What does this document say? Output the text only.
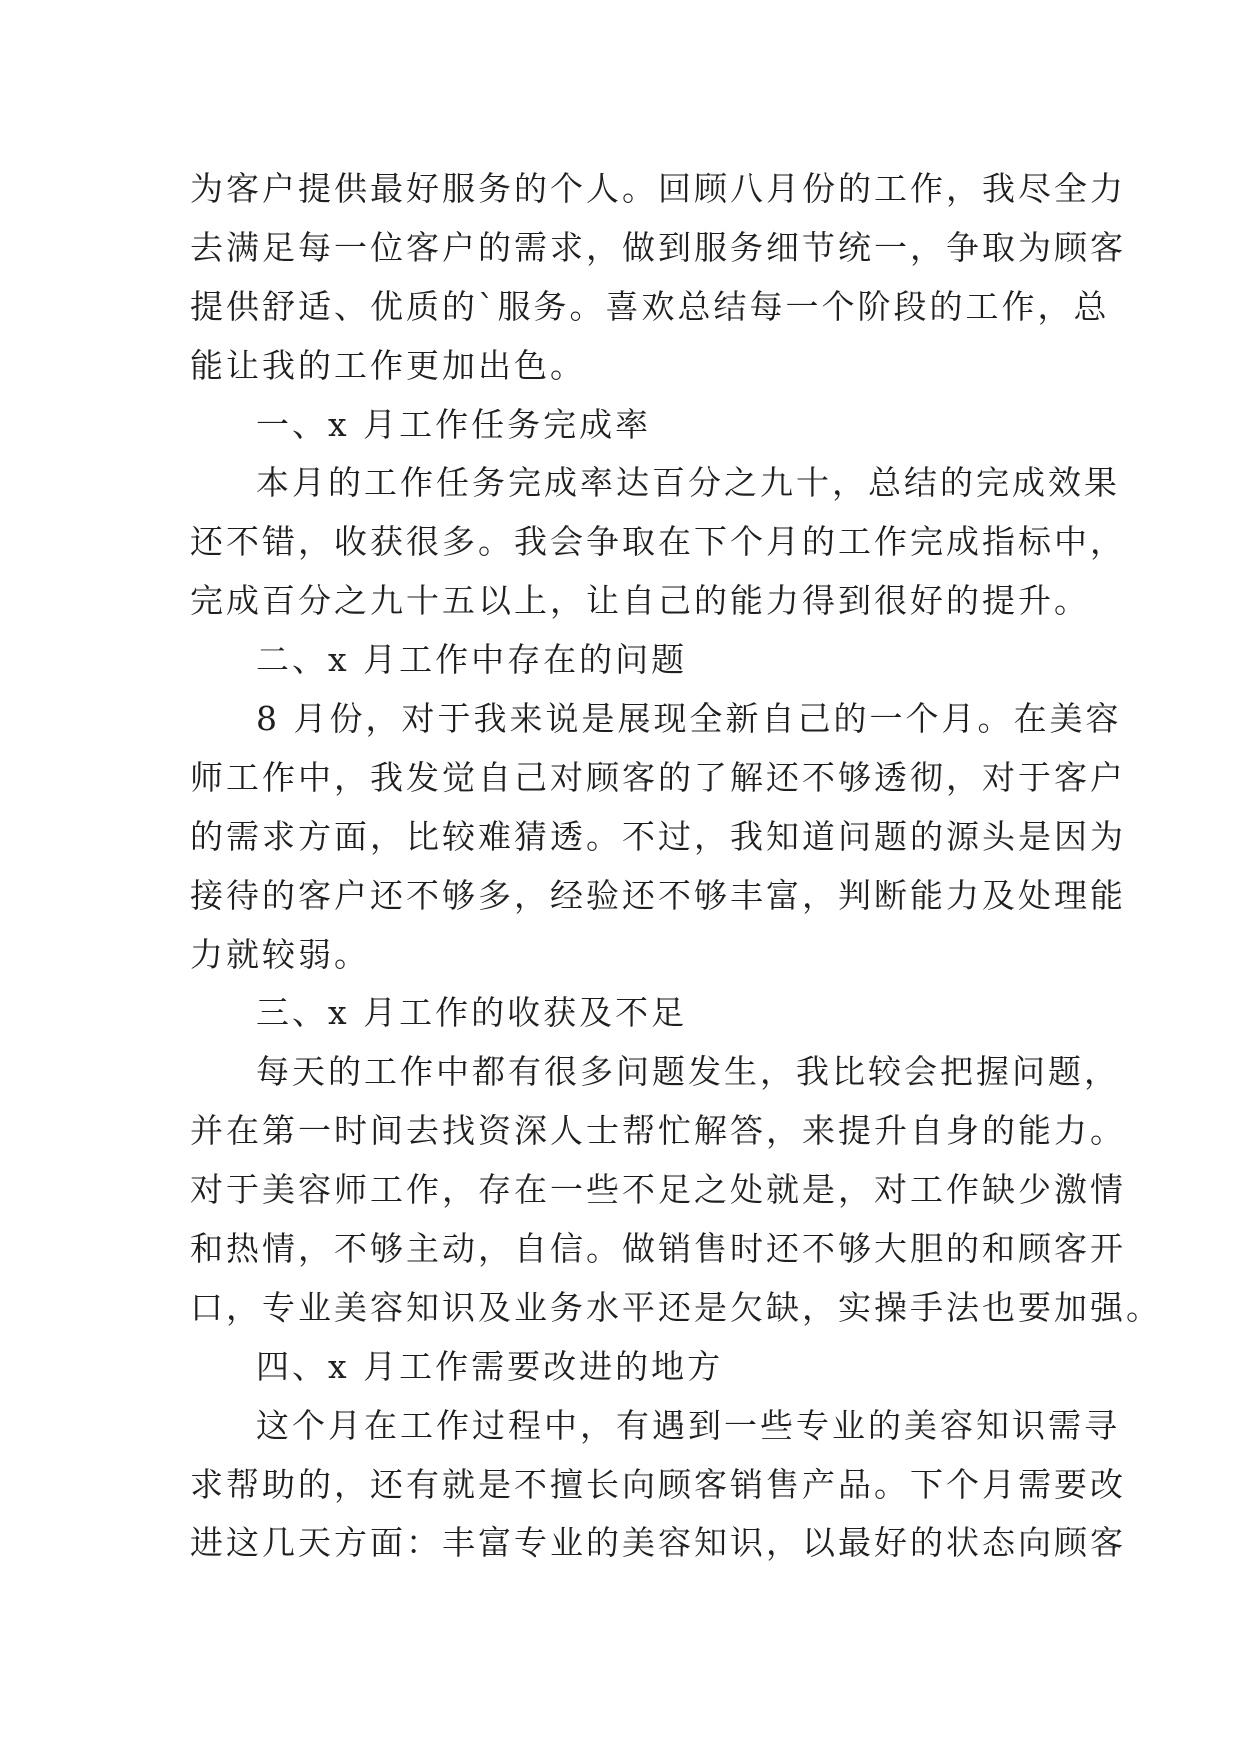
为客户提供最好服务的个人。回顾八月份的工作，我尽全力
去满足每一位客户的需求，做到服务细节统一，争取为顾客
提供舒适、优质的`服务。喜欢总结每一个阶段的工作，总
能让我的工作更加出色。
一、x 月工作任务完成率
本月的工作任务完成率达百分之九十，总结的完成效果
还不错，收获很多。我会争取在下个月的工作完成指标中，
完成百分之九十五以上，让自己的能力得到很好的提升。
二、x 月工作中存在的问题
8 月份，对于我来说是展现全新自己的一个月。在美容
师工作中，我发觉自己对顾客的了解还不够透彻，对于客户
的需求方面，比较难猜透。不过，我知道问题的源头是因为
接待的客户还不够多，经验还不够丰富，判断能力及处理能
力就较弱。
三、x 月工作的收获及不足
每天的工作中都有很多问题发生，我比较会把握问题，
并在第一时间去找资深人士帮忙解答，来提升自身的能力。
对于美容师工作，存在一些不足之处就是，对工作缺少激情
和热情，不够主动，自信。做销售时还不够大胆的和顾客开
口，专业美容知识及业务水平还是欠缺，实操手法也要加强。
四、x 月工作需要改进的地方
这个月在工作过程中，有遇到一些专业的美容知识需寻
求帮助的，还有就是不擅长向顾客销售产品。下个月需要改
进这几天方面：丰富专业的美容知识，以最好的状态向顾客
